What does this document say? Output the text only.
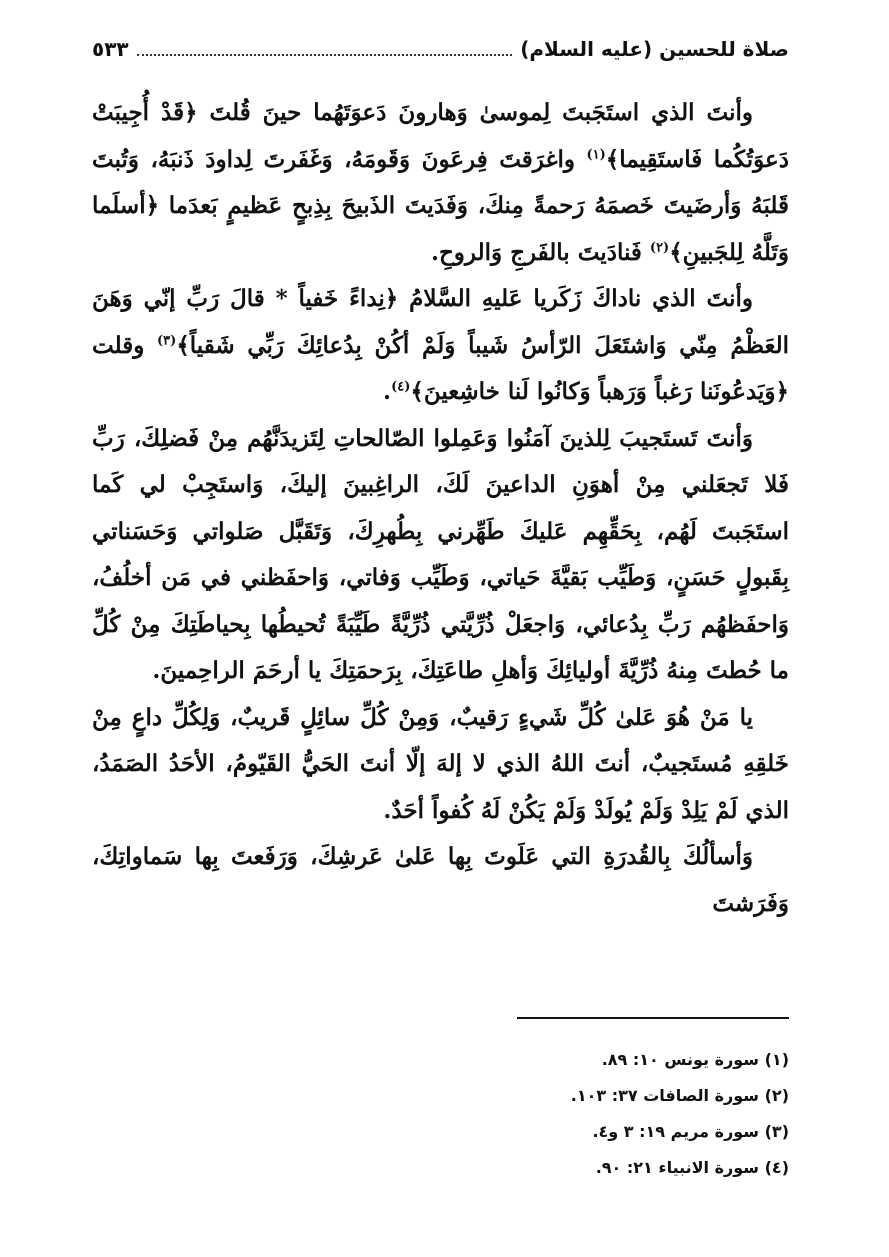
صلاة للحسين (عليه السلام)
٥٣٣

وأنتَ الذي استَجَبتَ لِموسىٰ وَهارونَ دَعوَتَهُما حينَ قُلتَ ﴿قَدْ أُجِيبَتْ دَعوَتُكُما فَاستَقِيما﴾$^{(١)}$ واغرَقتَ فِرعَونَ وَقَومَهُ، وَغَفَرتَ لِداودَ ذَنبَهُ، وَتُبتَ قَلبَهُ وَأرضَيتَ خَصمَهُ رَحمةً مِنكَ، وَفَدَيتَ الذَبيحَ بِذِبحٍ عَظيمٍ بَعدَما ﴿أسلَما وَتَلَّهُ لِلجَبينِ﴾$^{(٢)}$ فَنادَيتَ بالفَرجِ وَالروحِ.

وأنتَ الذي ناداكَ زَكَريا عَليهِ السَّلامُ ﴿نِداءً خَفياً * قالَ رَبِّ إنّي وَهَنَ العَظْمُ مِنّي وَاشتَعَلَ الرّأسُ شَيباً وَلَمْ أكُنْ بِدُعائِكَ رَبِّي شَقياً﴾$^{(٣)}$ وقلت ﴿وَيَدعُونَنا رَغباً وَرَهباً وَكانُوا لَنا خاشِعينَ﴾$^{(٤)}$.

وَأنتَ تَستَجيبَ لِلذينَ آمَنُوا وَعَمِلوا الصّالحاتِ لِتَزيدَنَّهُم مِنْ فَضلِكَ، رَبِّ فَلا تَجعَلني مِنْ أهوَنِ الداعينَ لَكَ، الراغِبينَ إليكَ، وَاستَجِبْ لي كَما استَجَبتَ لَهُم، بِحَقِّهِم عَليكَ طَهِّرني بِطُهرِكَ، وَتَقَبَّل صَلواتي وَحَسَناتي بِقَبولٍ حَسَنٍ، وَطَيِّب بَقيَّةَ حَياتي، وَطَيِّب وَفاتي، وَاحفَظني في مَن أخلُفُ، وَاحفَظهُم رَبِّ بِدُعائي، وَاجعَلْ ذُرِّيَّتي ذُرِّيَّةً طَيِّبَةً تُحيطُها بِحياطَتِكَ مِنْ كُلِّ ما حُطتَ مِنهُ ذُرِّيَّةَ أوليائِكَ وَأهلِ طاعَتِكَ، بِرَحمَتِكَ يا أرحَمَ الراحِمينَ.

يا مَنْ هُوَ عَلىٰ كُلِّ شَيءٍ رَقيبٌ، وَمِنْ كُلِّ سائِلٍ قَريبٌ، وَلِكُلِّ داعٍ مِنْ خَلقِهِ مُستَجيبٌ، أنتَ اللهُ الذي لا إلهَ إلّا أنتَ الحَيُّ القَيّومُ، الأحَدُ الصَمَدُ، الذي لَمْ يَلِدْ وَلَمْ يُولَدْ وَلَمْ يَكُنْ لَهُ كُفواً أحَدٌ.

وَأسألُكَ بِالقُدرَةِ التي عَلَوتَ بِها عَلىٰ عَرشِكَ، وَرَفَعتَ بِها سَماواتِكَ، وَفَرَشتَ

(١) سورة يونس ١٠: ٨٩.
(٢) سورة الصافات ٣٧: ١٠٣.
(٣) سورة مريم ١٩: ٣ و٤.
(٤) سورة الانبياء ٢١: ٩٠.
